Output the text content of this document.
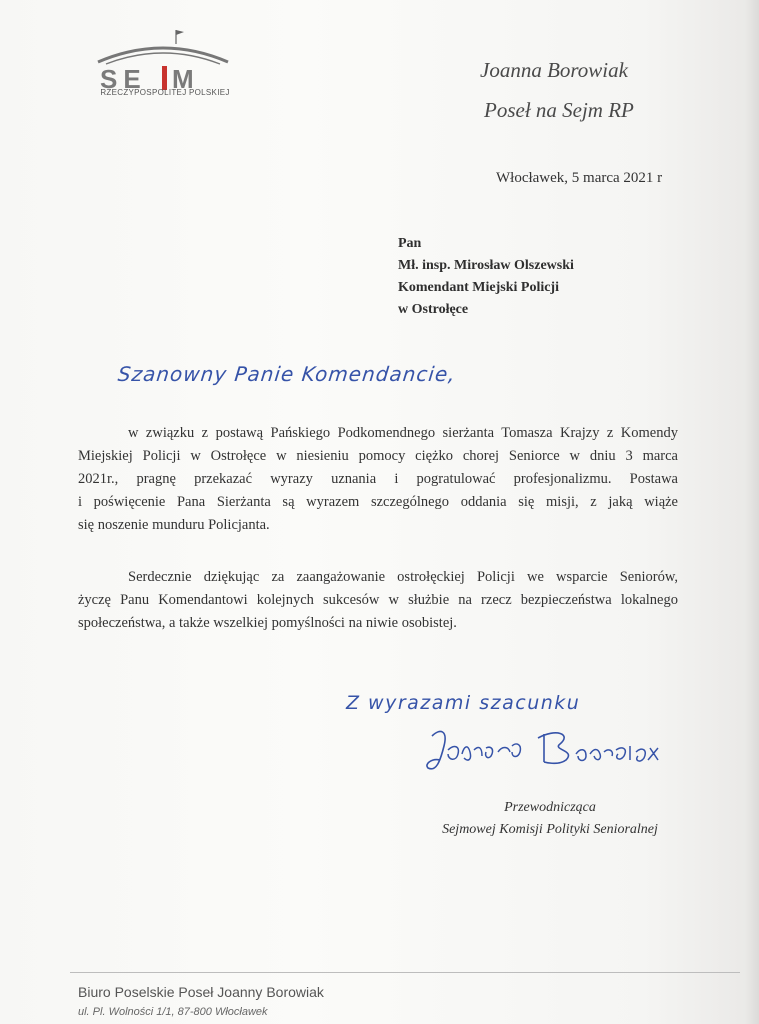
SE M
RZECZYPOSPOLITEJ POLSKIEJ
Joanna Borowiak
Poseł na Sejm RP
Włocławek, 5 marca 2021 r
Pan
Mł. insp. Mirosław Olszewski
Komendant Miejski Policji
w Ostrołęce
Szanowny Panie Komendancie,
w związku z postawą Pańskiego Podkomendnego sierżanta Tomasza Krajzy z Komendy
Miejskiej Policji w Ostrołęce w niesieniu pomocy ciężko chorej Seniorce w dniu 3 marca
2021r., pragnę przekazać wyrazy uznania i pogratulować profesjonalizmu. Postawa
i poświęcenie Pana Sierżanta są wyrazem szczególnego oddania się misji, z jaką wiąże
się noszenie munduru Policjanta.
Serdecznie dziękując za zaangażowanie ostrołęckiej Policji we wsparcie Seniorów,
życzę Panu Komendantowi kolejnych sukcesów w służbie na rzecz bezpieczeństwa lokalnego
społeczeństwa, a także wszelkiej pomyślności na niwie osobistej.
Z wyrazami szacunku
Przewodnicząca
Sejmowej Komisji Polityki Senioralnej
Biuro Poselskie Poseł Joanny Borowiak
ul. Pl. Wolności 1/1, 87-800 Włocławek
